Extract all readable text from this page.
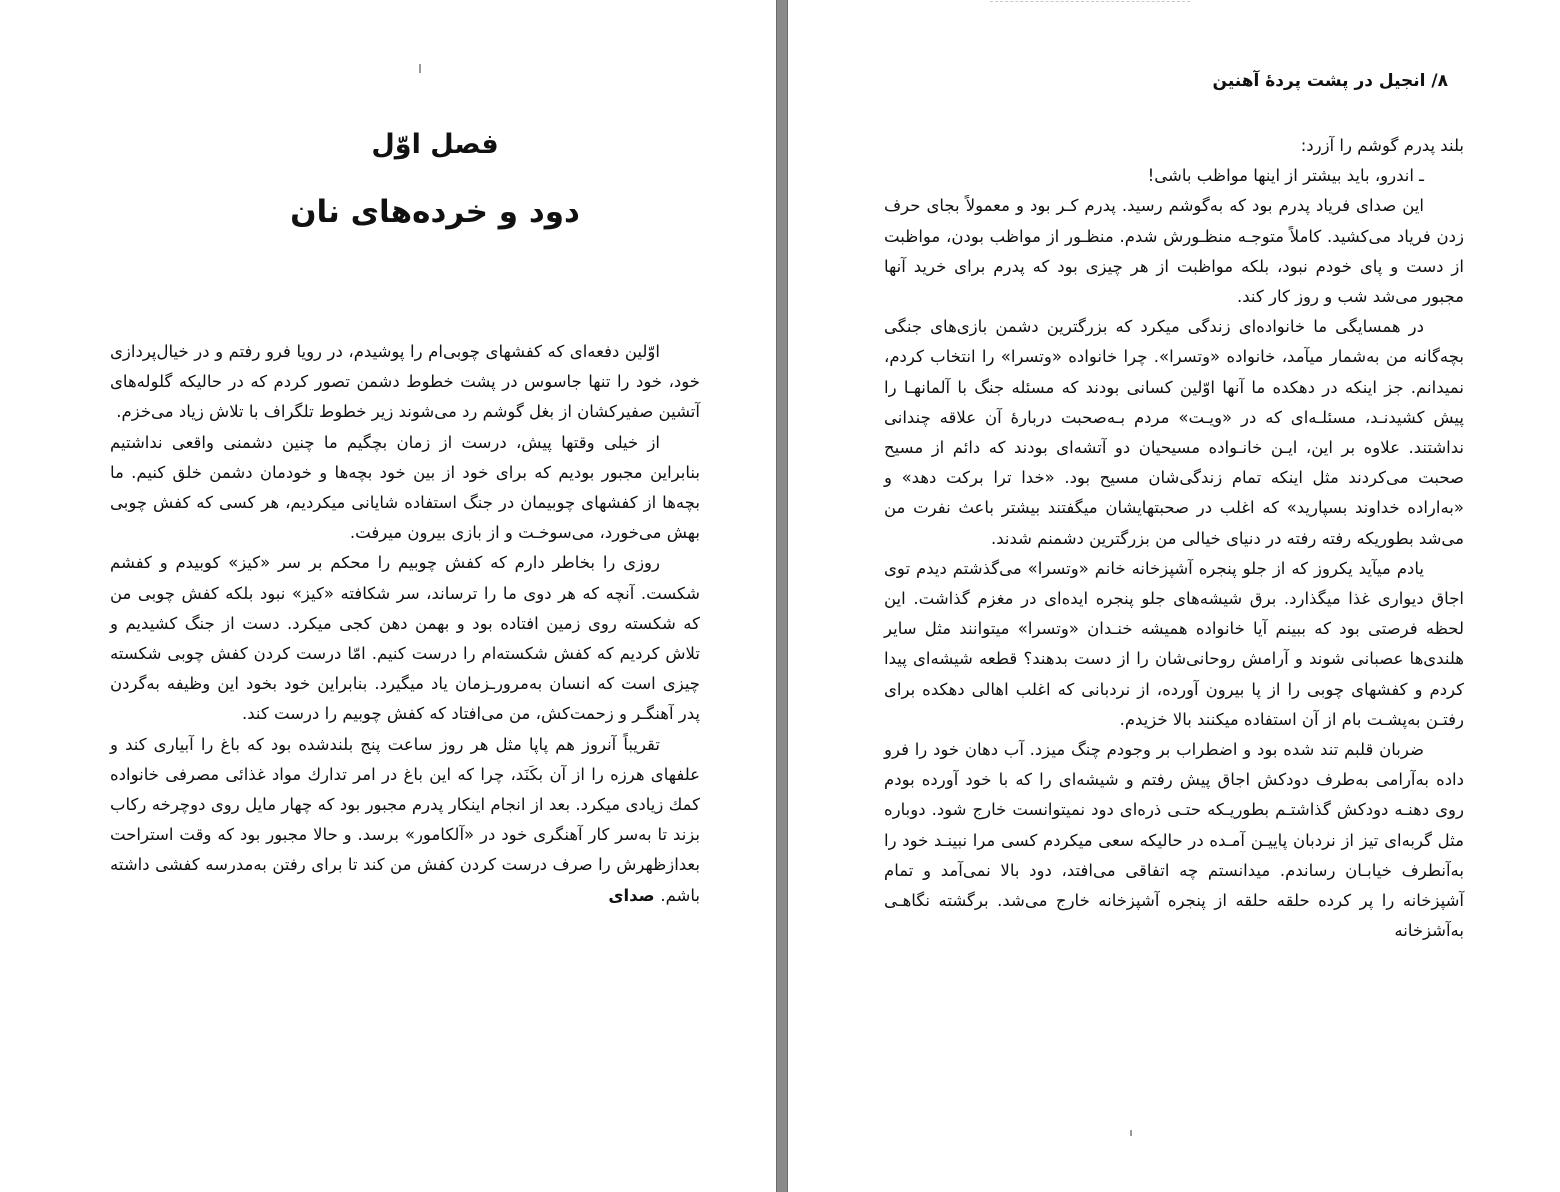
فصل اوّل
دود و خرده‌های نان

اوّلین دفعه‌ای که کفشهای چوبی‌ام را پوشیدم، در رویا فرو رفتم و در خیال‌پردازی خود، خود را تنها جاسوس در پشت خطوط دشمن تصور کردم که در حالیکه گلوله‌های آتشین صفیرکشان از بغل گوشم رد می‌شوند زیر خطوط تلگراف با تلاش زیاد می‌خزم.

از خیلی وقتها پیش، درست از زمان بچگیم ما چنین دشمنی واقعی نداشتیم بنابراین مجبور بودیم که برای خود از بین خود بچه‌ها و خودمان دشمن خلق کنیم. ما بچه‌ها از کفشهای چوبیمان در جنگ استفاده شایانی میکردیم، هر کسی که کفش چوبی بهش می‌خورد، می‌سوخـت و از بازی بیرون میرفت.

روزی را بخاطر دارم که کفش چوبیم را محکم بر سر «کیز» کوبیدم و کفشم شکست. آنچه که هر دوی ما را ترساند، سر شکافته «کیز» نبود بلکه کفش چوبی من که شکسته روی زمین افتاده بود و بهمن دهن کجی میکرد. دست از جنگ کشیدیم و تلاش کردیم که کفش شکسته‌ام را درست کنیم. امّا درست کردن کفش چوبی شکسته چیزی است که انسان به‌مرور‌ـزمان یاد میگیرد. بنابراین خود بخود این وظیفه به‌گردن پدر آهنگـر و زحمت‌کش، من می‌افتاد که کفش چوبیم را درست کند.

تقریباً آنروز هم پاپا مثل هر روز ساعت پنج بلندشده بود که باغ را آبیاری کند و علفهای هرزه را از آن بکَنَد، چرا که این باغ در امر تدارك مواد غذائی مصرفی خانواده کمك زیادی میکرد. بعد از انجام اینکار پدرم مجبور بود که چهار مایل روی دوچرخه رکاب بزند تا به‌سر کار آهنگری خود در «آلکامور» برسد. و حالا مجبور بود که وقت استراحت بعدازظهرش را صرف درست کردن کفش من کند تا برای رفتن به‌مدرسه کفشی داشته باشم. صدای

۸/ انجیل در پشت پردهٔ آهنین

بلند پدرم گوشم را آزرد:

ـ اندرو، باید بیشتر از اینها مواظب باشی!

این صدای فریاد پدرم بود که به‌گوشم رسید. پدرم کـر بود و معمولاً بجای حرف زدن فریاد می‌کشید. کاملاً متوجـه منظـورش شدم. منظـور از مواظب بودن، مواظبت از دست و پای خودم نبود، بلکه مواظبت از هر چیزی بود که پدرم برای خرید آنها مجبور می‌شد شب و روز کار کند.

در همسایگی ما خانواده‌ای زندگی میکرد که بزرگترین دشمن بازی‌های جنگی بچه‌گانه من به‌شمار میآمد، خانواده «وتسرا». چرا خانواده «وتسرا» را انتخاب کردم، نمیدانم. جز اینکه در دهکده ما آنها اوّلین کسانی بودند که مسئله جنگ با آلمانهـا را پیش کشیدنـد، مسئلـه‌ای که در «ویـت» مردم بـه‌صحبت دربارهٔ آن علاقه چندانی نداشتند. علاوه بر این، ایـن خانـواده مسیحیان دو آتشه‌ای بودند که دائم از مسیح صحبت می‌کردند مثل اینکه تمام زندگی‌شان مسیح بود. «خدا ترا برکت دهد» و «به‌اراده خداوند بسپارید» که اغلب در صحبتهایشان میگفتند بیشتر باعث نفرت من می‌شد بطوریکه رفته رفته در دنیای خیالی من بزرگترین دشمنم شدند.

یادم میآید یکروز که از جلو پنجره آشپزخانه خانم «وتسرا» می‌گذشتم دیدم توی اجاق دیواری غذا میگذارد. برق شیشه‌های جلو پنجره ایده‌ای در مغزم گذاشت. این لحظه فرصتی بود که ببینم آیا خانواده همیشه خنـدان «وتسرا» میتوانند مثل سایر هلندی‌ها عصبانی شوند و آرامش روحانی‌شان را از دست بدهند؟ قطعه شیشه‌ای پیدا کردم و کفشهای چوبی را از پا بیرون آورده، از نردبانی که اغلب اهالی دهکده برای رفتـن به‌پشـت بام از آن استفاده میکنند بالا خزیدم.

ضربان قلبم تند شده بود و اضطراب بر وجودم چنگ میزد. آب دهان خود را فرو داده به‌آرامی به‌طرف دودکش اجاق پیش رفتم و شیشه‌ای را که با خود آورده بودم روی دهنـه دودکش گذاشتـم بطوریـکه حتـی ذره‌ای دود نمیتوانست خارج شود. دوباره مثل گربه‌ای تیز از نردبان پاییـن آمـده در حالیکه سعی میکردم کسی مرا نبینـد خود را به‌آنطرف خیابـان رساندم. میدانستم چه اتفاقی می‌افتد، دود بالا نمی‌آمد و تمام آشپزخانه را پر کرده حلقه حلقه از پنجره آشپزخانه خارج می‌شد. برگشته نگاهـی به‌آشزخانه
